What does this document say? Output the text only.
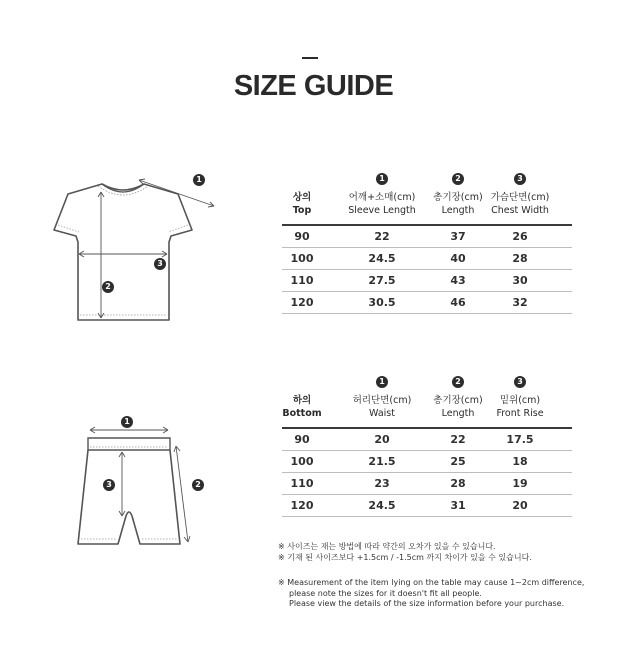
SIZE GUIDE
1
3
2
상의
Top
1
어깨+소매(cm)
Sleeve Length
2
총기장(cm)
Length
3
가슴단면(cm)
Chest Width
90	22	37	26
100	24.5	40	28
110	27.5	43	30
120	30.5	46	32
1
3	2
하의
Bottom
1
허리단면(cm)
Waist
2
총기장(cm)
Length
3
밑위(cm)
Front Rise
90	20	22	17.5
100	21.5	25	18
110	23	28	19
120	24.5	31	20

※ 사이즈는 재는 방법에 따라 약간의 오차가 있을 수 있습니다.

※ 기재 된 사이즈보다 +1.5cm / -1.5cm 까지 차이가 있을 수 있습니다.

※ Measurement of the item lying on the table may cause 1~2cm difference,

please note the sizes for it doesn't fit all people.

Please view the details of the size information before your purchase.
